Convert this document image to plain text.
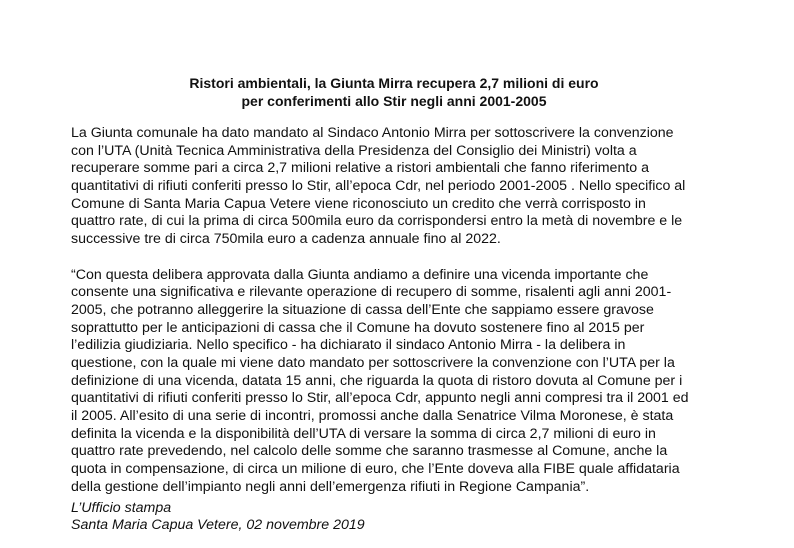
Ristori ambientali, la Giunta Mirra recupera 2,7 milioni di euro
per conferimenti allo Stir negli anni 2001-2005
La Giunta comunale ha dato mandato al Sindaco Antonio Mirra per sottoscrivere la convenzione
con l’UTA (Unità Tecnica Amministrativa della Presidenza del Consiglio dei Ministri) volta a
recuperare somme pari a circa 2,7 milioni relative a ristori ambientali che fanno riferimento a
quantitativi di rifiuti conferiti presso lo Stir, all’epoca Cdr, nel periodo 2001-2005 . Nello specifico al
Comune di Santa Maria Capua Vetere viene riconosciuto un credito che verrà corrisposto in
quattro rate, di cui la prima di circa 500mila euro da corrispondersi entro la metà di novembre e le
successive tre di circa 750mila euro a cadenza annuale fino al 2022.
“Con questa delibera approvata dalla Giunta andiamo a definire una vicenda importante che
consente una significativa e rilevante operazione di recupero di somme, risalenti agli anni 2001-
2005, che potranno alleggerire la situazione di cassa dell’Ente che sappiamo essere gravose
soprattutto per le anticipazioni di cassa che il Comune ha dovuto sostenere fino al 2015 per
l’edilizia giudiziaria. Nello specifico - ha dichiarato il sindaco Antonio Mirra - la delibera in
questione, con la quale mi viene dato mandato per sottoscrivere la convenzione con l’UTA per la
definizione di una vicenda, datata 15 anni, che riguarda la quota di ristoro dovuta al Comune per i
quantitativi di rifiuti conferiti presso lo Stir, all’epoca Cdr, appunto negli anni compresi tra il 2001 ed
il 2005. All’esito di una serie di incontri, promossi anche dalla Senatrice Vilma Moronese, è stata
definita la vicenda e la disponibilità dell’UTA di versare la somma di circa 2,7 milioni di euro in
quattro rate prevedendo, nel calcolo delle somme che saranno trasmesse al Comune, anche la
quota in compensazione, di circa un milione di euro, che l’Ente doveva alla FIBE quale affidataria
della gestione dell’impianto negli anni dell’emergenza rifiuti in Regione Campania”.
L’Ufficio stampa
Santa Maria Capua Vetere, 02 novembre 2019
